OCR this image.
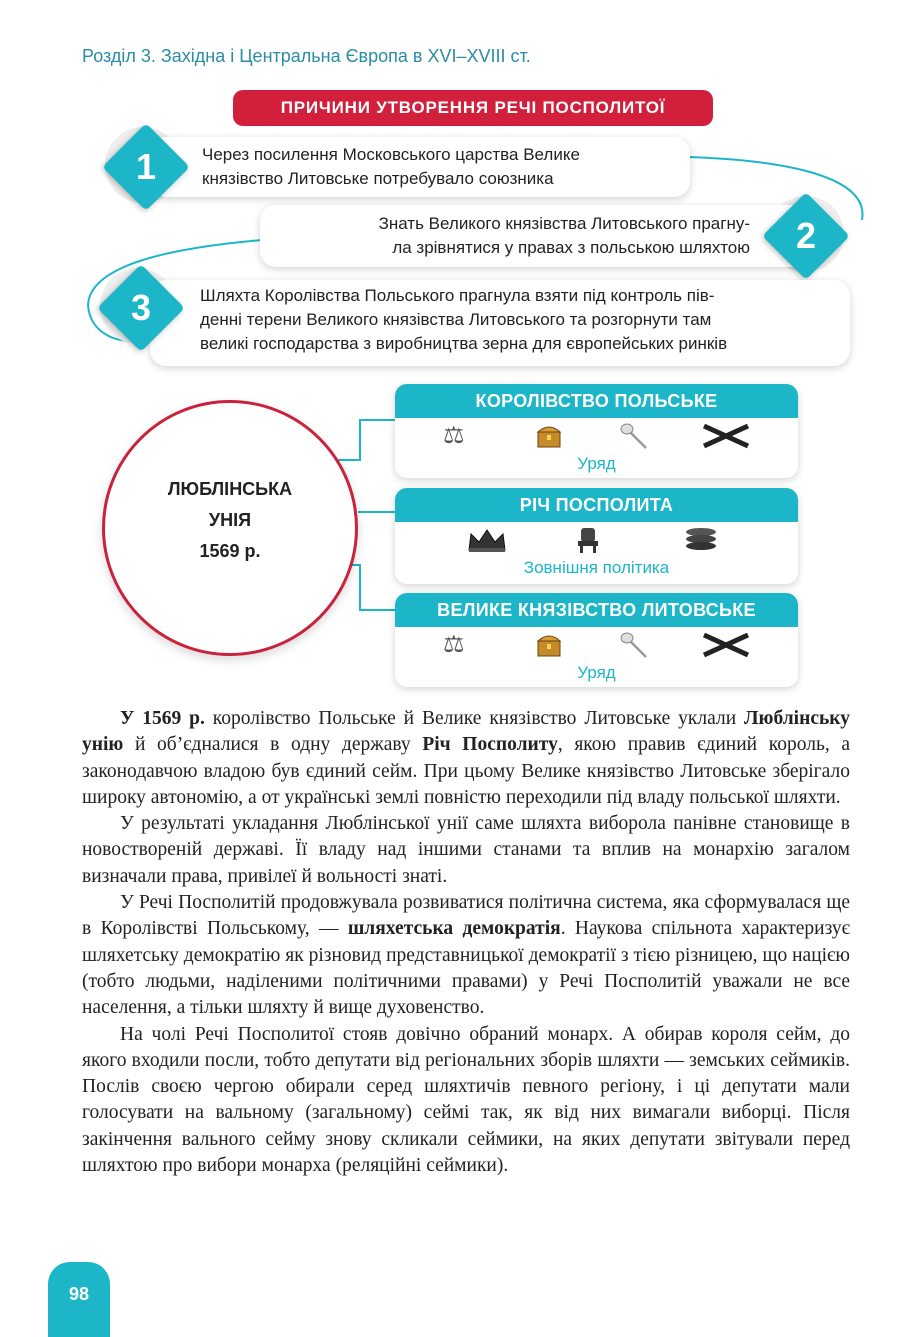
Розділ 3. Західна і Центральна Європа в XVI–XVIII ст.
ПРИЧИНИ УТВОРЕННЯ РЕЧІ ПОСПОЛИТОЇ
Через посилення Московського царства Велике
князівство Литовське потребувало союзника
1
Знать Великого князівства Литовського прагну-
ла зрівнятися у правах з польською шляхтою	2
Шляхта Королівства Польського прагнула взяти під контроль пів-
денні терени Великого князівства Литовського та розгорнути там
великі господарства з виробництва зерна для європейських ринків
3
ЛЮБЛІНСЬКА
УНІЯ
1569 р.
КОРОЛІВСТВО ПОЛЬСЬКЕ
⚖
Уряд
РІЧ ПОСПОЛИТА
Зовнішня політика
ВЕЛИКЕ КНЯЗІВСТВО ЛИТОВСЬКЕ
⚖
Уряд

У 1569 р. королівство Польське й Велике князівство Литовське уклали Люблінську унію й об’єдналися в одну державу Річ Посполиту, якою правив єдиний король, а законодавчою владою був єдиний сейм. При цьому Велике князівство Литовське зберігало широку автономію, а от українські землі повністю переходили під владу польської шляхти.

У результаті укладання Люблінської унії саме шляхта виборола панівне становище в новоствореній державі. Її владу над іншими станами та вплив на монархію загалом визначали права, привілеї й вольності знаті.

У Речі Посполитій продовжувала розвиватися політична система, яка сформувалася ще в Королівстві Польському, — шляхетська демократія. Наукова спільнота характеризує шляхетську демократію як різновид представницької демократії з тією різницею, що нацією (тобто людьми, наділеними політичними правами) у Речі Посполитій уважали не все населення, а тільки шляхту й вище духовенство.

На чолі Речі Посполитої стояв довічно обраний монарх. А обирав короля сейм, до якого входили посли, тобто депутати від регіональних зборів шляхти — земських сеймиків. Послів своєю чергою обирали серед шляхтичів певного регіону, і ці депутати мали голосувати на вальному (загальному) сеймі так, як від них вимагали виборці. Після закінчення вального сейму знову скликали сеймики, на яких депутати звітували перед шляхтою про вибори монарха (реляційні сеймики).

98
